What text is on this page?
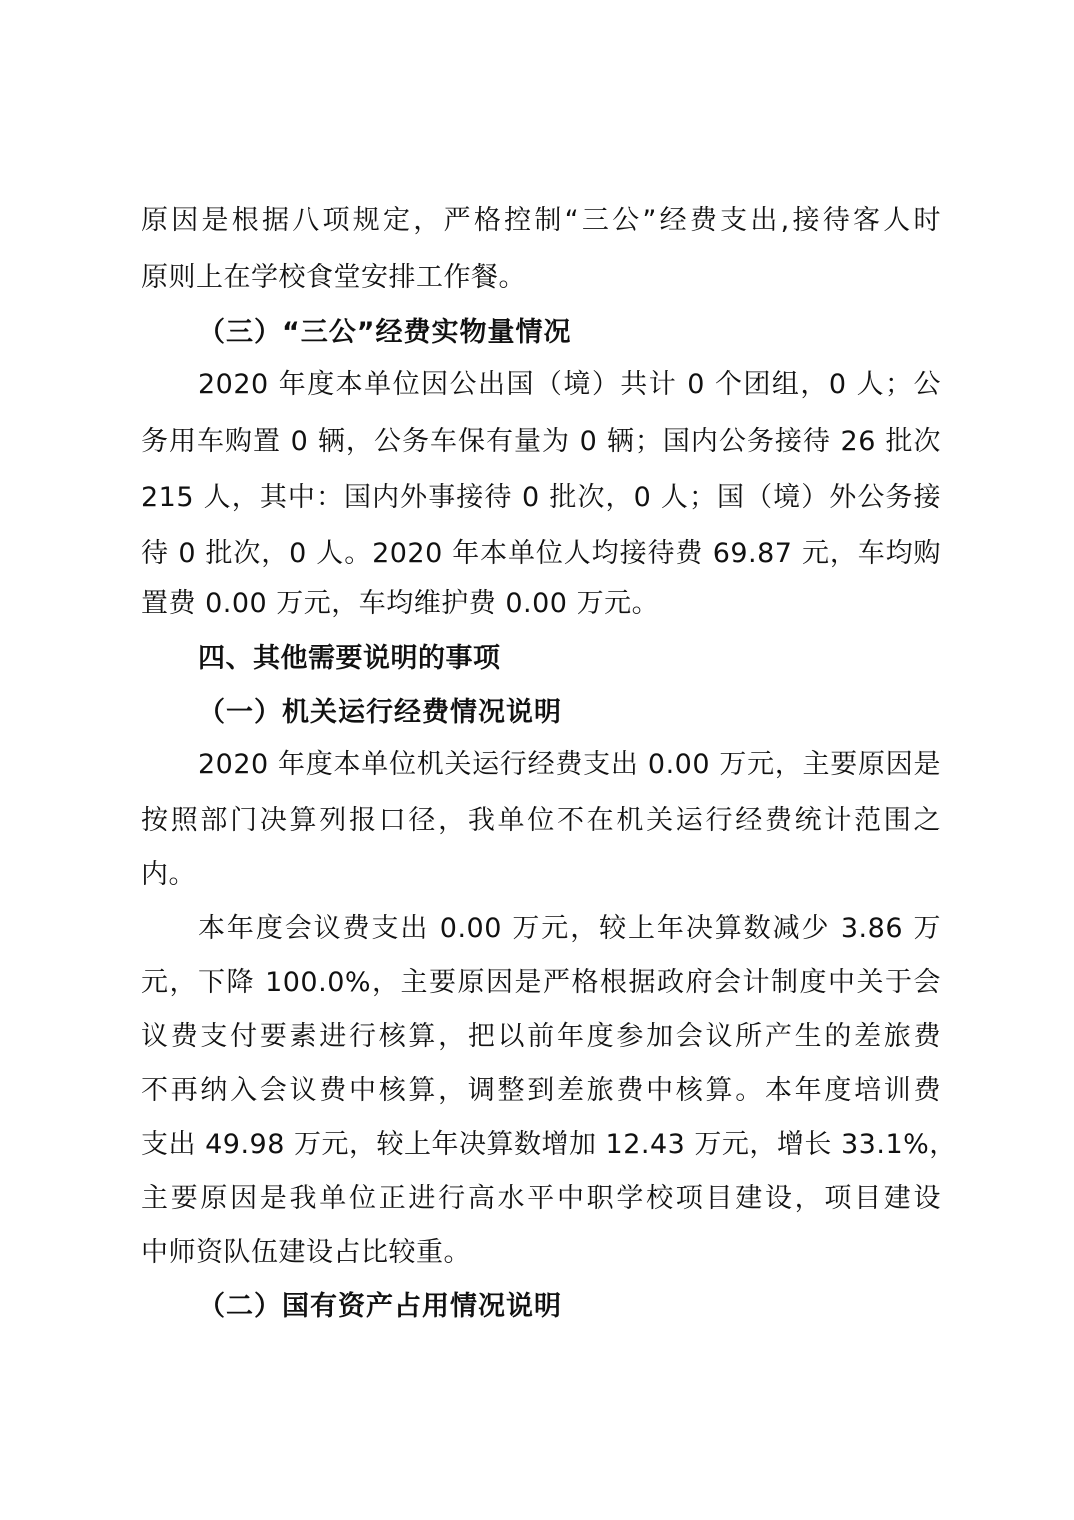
原因是根据八项规定，严格控制“三公”经费支出,接待客人时
原则上在学校食堂安排工作餐。
（三）“三公”经费实物量情况
2020 年度本单位因公出国（境）共计 0 个团组，0 人；公
务用车购置 0 辆，公务车保有量为 0 辆；国内公务接待 26 批次
215 人，其中：国内外事接待 0 批次，0 人；国（境）外公务接
待 0 批次，0 人。2020 年本单位人均接待费 69.87 元，车均购
置费 0.00 万元，车均维护费 0.00 万元。
四、其他需要说明的事项
（一）机关运行经费情况说明
2020 年度本单位机关运行经费支出 0.00 万元，主要原因是
按照部门决算列报口径，我单位不在机关运行经费统计范围之
内。
本年度会议费支出 0.00 万元，较上年决算数减少 3.86 万
元，下降 100.0%，主要原因是严格根据政府会计制度中关于会
议费支付要素进行核算，把以前年度参加会议所产生的差旅费
不再纳入会议费中核算，调整到差旅费中核算。本年度培训费
支出 49.98 万元，较上年决算数增加 12.43 万元，增长 33.1%，
主要原因是我单位正进行高水平中职学校项目建设，项目建设
中师资队伍建设占比较重。
（二）国有资产占用情况说明
